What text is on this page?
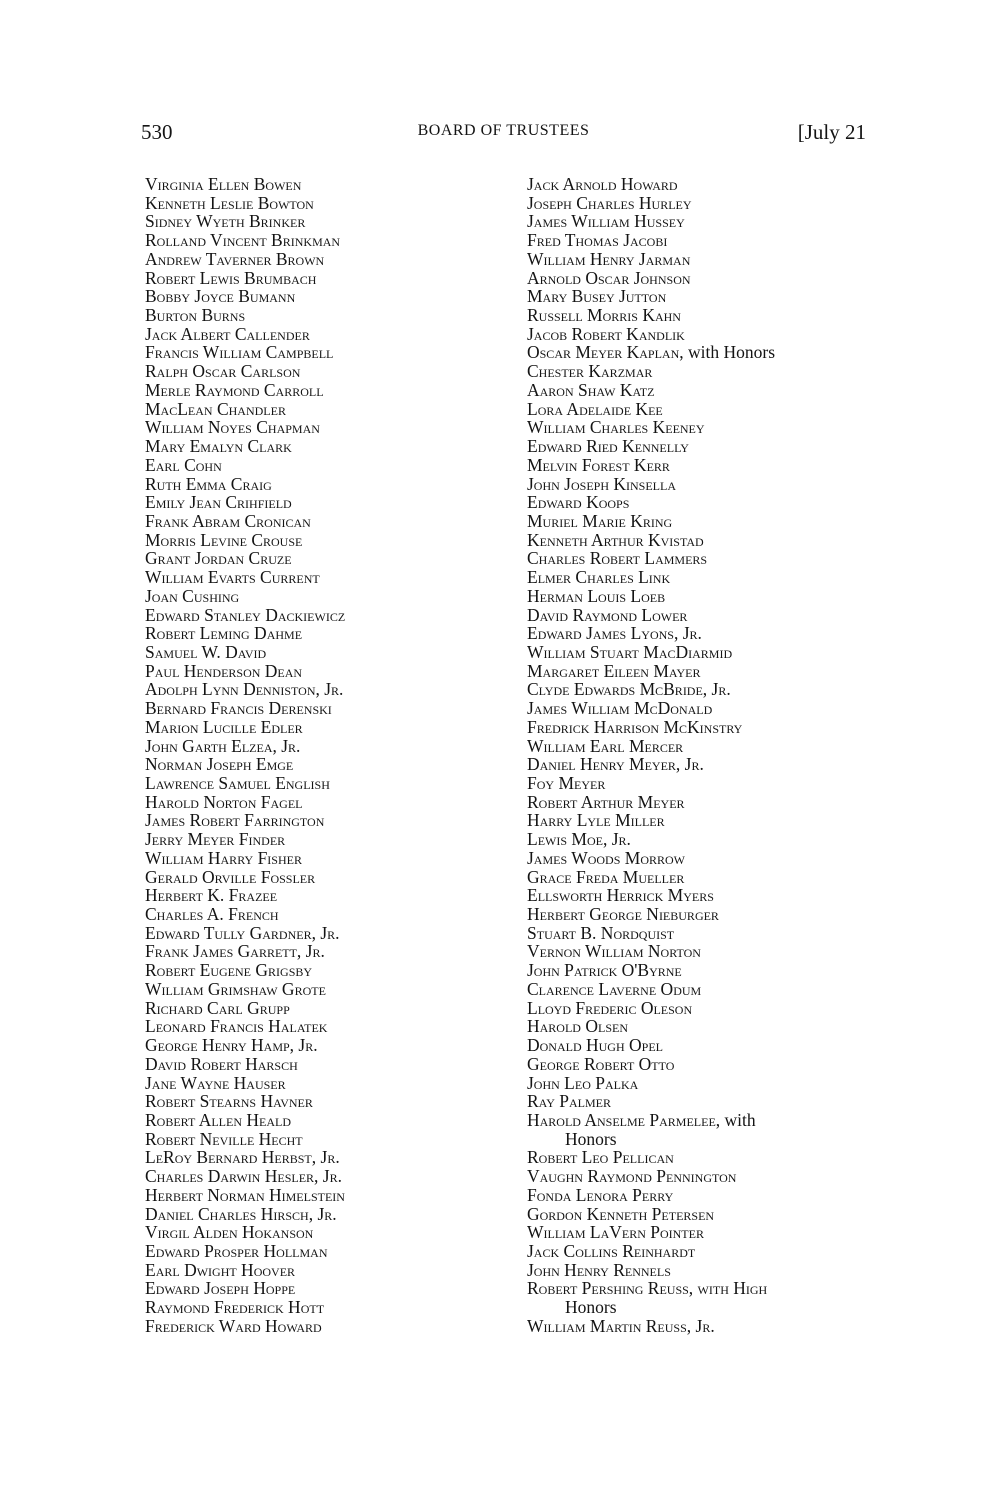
530	BOARD OF TRUSTEES	[July 21
Virginia Ellen Bowen
Kenneth Leslie Bowton
Sidney Wyeth Brinker
Rolland Vincent Brinkman
Andrew Taverner Brown
Robert Lewis Brumbach
Bobby Joyce Bumann
Burton Burns
Jack Albert Callender
Francis William Campbell
Ralph Oscar Carlson
Merle Raymond Carroll
MacLean Chandler
William Noyes Chapman
Mary Emalyn Clark
Earl Cohn
Ruth Emma Craig
Emily Jean Crihfield
Frank Abram Cronican
Morris Levine Crouse
Grant Jordan Cruze
William Evarts Current
Joan Cushing
Edward Stanley Dackiewicz
Robert Leming Dahme
Samuel W. David
Paul Henderson Dean
Adolph Lynn Denniston, Jr.
Bernard Francis Derenski
Marion Lucille Edler
John Garth Elzea, Jr.
Norman Joseph Emge
Lawrence Samuel English
Harold Norton Fagel
James Robert Farrington
Jerry Meyer Finder
William Harry Fisher
Gerald Orville Fossler
Herbert K. Frazee
Charles A. French
Edward Tully Gardner, Jr.
Frank James Garrett, Jr.
Robert Eugene Grigsby
William Grimshaw Grote
Richard Carl Grupp
Leonard Francis Halatek
George Henry Hamp, Jr.
David Robert Harsch
Jane Wayne Hauser
Robert Stearns Havner
Robert Allen Heald
Robert Neville Hecht
LeRoy Bernard Herbst, Jr.
Charles Darwin Hesler, Jr.
Herbert Norman Himelstein
Daniel Charles Hirsch, Jr.
Virgil Alden Hokanson
Edward Prosper Hollman
Earl Dwight Hoover
Edward Joseph Hoppe
Raymond Frederick Hott
Frederick Ward Howard
Jack Arnold Howard
Joseph Charles Hurley
James William Hussey
Fred Thomas Jacobi
William Henry Jarman
Arnold Oscar Johnson
Mary Busey Jutton
Russell Morris Kahn
Jacob Robert Kandlik
Oscar Meyer Kaplan, with Honors
Chester Karzmar
Aaron Shaw Katz
Lora Adelaide Kee
William Charles Keeney
Edward Ried Kennelly
Melvin Forest Kerr
John Joseph Kinsella
Edward Koops
Muriel Marie Kring
Kenneth Arthur Kvistad
Charles Robert Lammers
Elmer Charles Link
Herman Louis Loeb
David Raymond Lower
Edward James Lyons, Jr.
William Stuart MacDiarmid
Margaret Eileen Mayer
Clyde Edwards McBride, Jr.
James William McDonald
Fredrick Harrison McKinstry
William Earl Mercer
Daniel Henry Meyer, Jr.
Foy Meyer
Robert Arthur Meyer
Harry Lyle Miller
Lewis Moe, Jr.
James Woods Morrow
Grace Freda Mueller
Ellsworth Herrick Myers
Herbert George Nieburger
Stuart B. Nordquist
Vernon William Norton
John Patrick O'Byrne
Clarence Laverne Odum
Lloyd Frederic Oleson
Harold Olsen
Donald Hugh Opel
George Robert Otto
John Leo Palka
Ray Palmer
Harold Anselme Parmelee, with
Honors
Robert Leo Pellican
Vaughn Raymond Pennington
Fonda Lenora Perry
Gordon Kenneth Petersen
William LaVern Pointer
Jack Collins Reinhardt
John Henry Rennels
Robert Pershing Reuss, with High
Honors
William Martin Reuss, Jr.
